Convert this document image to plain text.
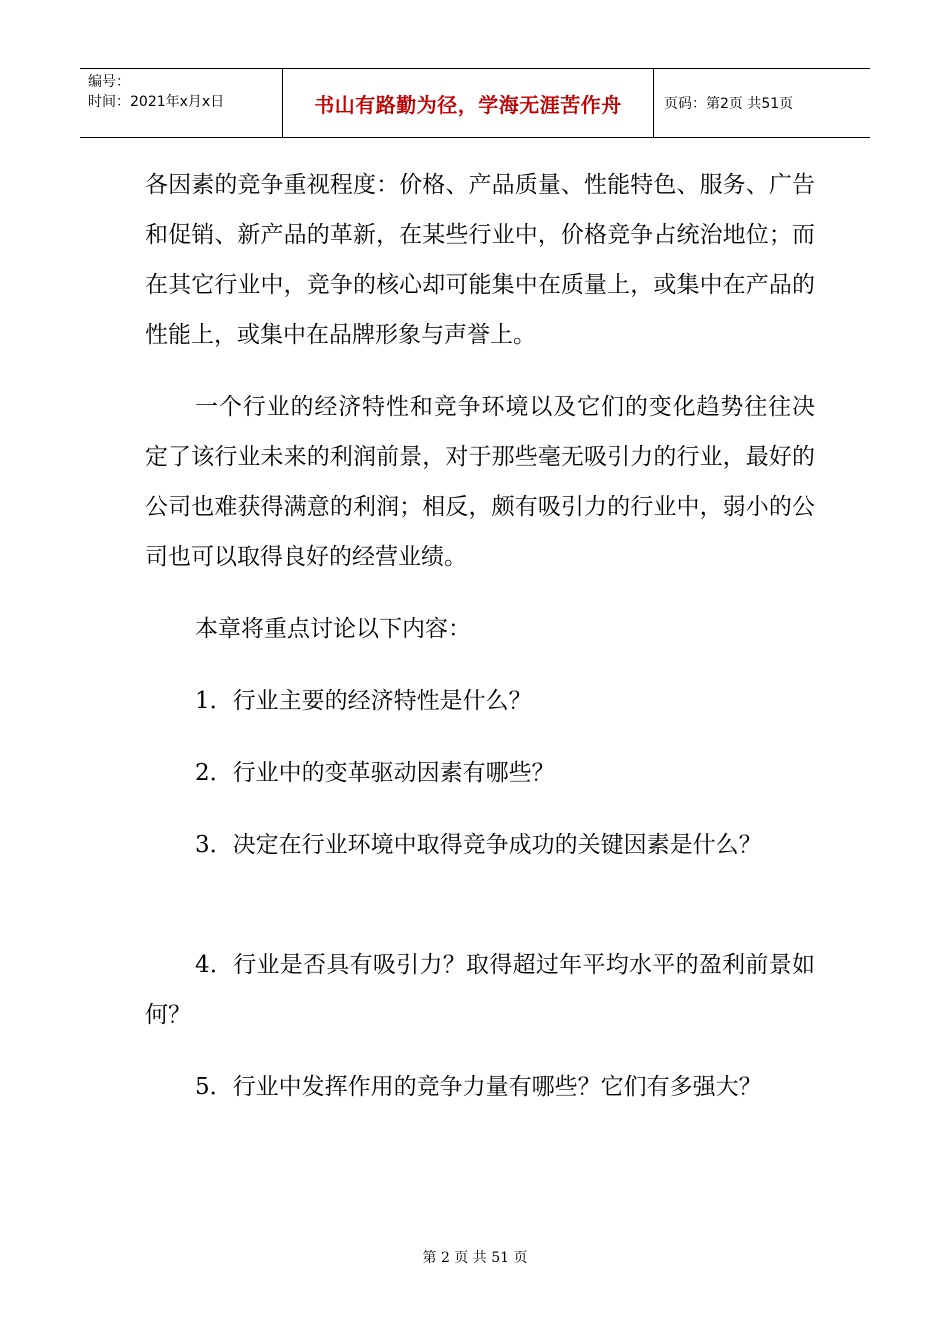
编号：
时间：2021年x月x日	书山有路勤为径，学海无涯苦作舟	页码：第2页 共51页

各因素的竞争重视程度：价格、产品质量、性能特色、服务、广告和促销、新产品的革新，在某些行业中，价格竞争占统治地位；而在其它行业中，竞争的核心却可能集中在质量上，或集中在产品的性能上，或集中在品牌形象与声誉上。

一个行业的经济特性和竞争环境以及它们的变化趋势往往决定了该行业未来的利润前景，对于那些毫无吸引力的行业，最好的公司也难获得满意的利润；相反，颇有吸引力的行业中，弱小的公司也可以取得良好的经营业绩。

本章将重点讨论以下内容：

1．行业主要的经济特性是什么？

2．行业中的变革驱动因素有哪些？

3．决定在行业环境中取得竞争成功的关键因素是什么？

4．行业是否具有吸引力？取得超过年平均水平的盈利前景如何？

5．行业中发挥作用的竞争力量有哪些？它们有多强大？

第 2 页 共 51 页
